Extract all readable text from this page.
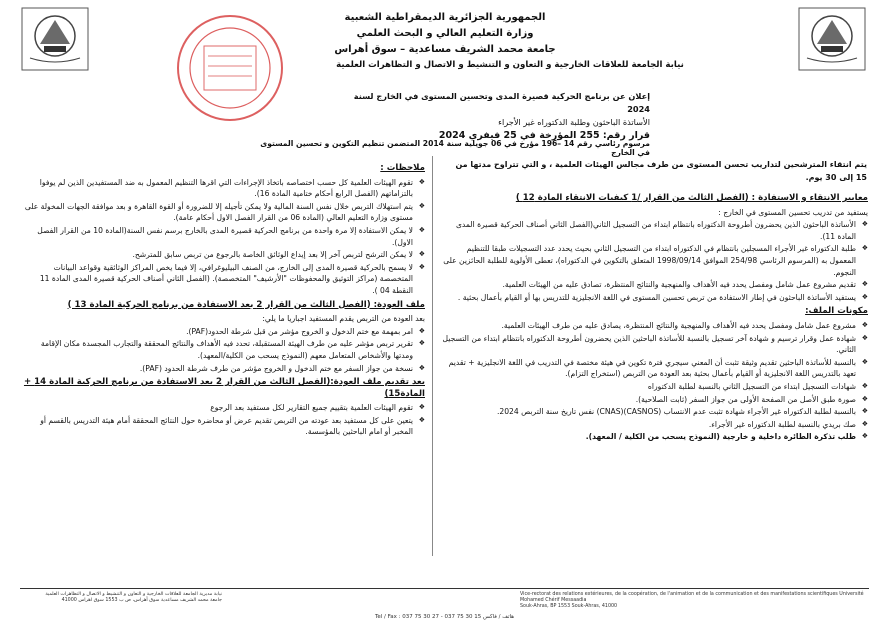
الجمهورية الجزائرية الديمقراطية الشعبية
وزارة التعليم العالي و البحث العلمي
جامعة محمد الشريف مساعدية – سوق أهراس
نيابة الجامعة للعلاقات الخارجية و التعاون و التنشيط و الاتصال و التظاهرات العلمية
إعلان عن برنامج الحركية قصيرة المدى وتحسين المستوى في الخارج لسنة 2024
الأساتذة الباحثون وطلبة الدكتوراه غير الأجراء
قرار رقم: 255 المؤرخة في 25 فيفري 2024
مرسوم رئاسي رقم 14 –196 مؤرخ في 06 جويلية سنة 2014 المتضمن تنظيم التكوين و تحسين المستوى في الخارج
يتم انتقاء المترشحين لتداريب تحسن المستوى من طرف مجالس الهيئات العلمية ، و التي تتراوح مدتها من 15 إلى 30 يوم.
معايير الانتقاء و الاستفادة : (الفصل الثالث من القرار /1 كيفيات الانتقاء المادة 12 )

يستفيد من تدريب تحسين المستوى في الخارج :

❖ الأساتذة الباحثون الذين يحضرون أطروحة الدكتوراه بانتظام ابتداء من التسجيل الثاني(الفصل الثاني أصناف الحركية قصيرة المدى المادة 11).

❖ طلبة الدكتوراه غير الأجراء المسجلين بانتظام في الدكتوراه ابتداء من التسجيل الثاني بحيث يحدد عدد التسجيلات طبقا للتنظيم المعمول به (المرسوم الرئاسي 254/98 الموافق 1998/09/14 المتعلق بالتكوين في الدكتوراه)، تعطى الأولوية للطلبة الحائزين على النجوم.

❖ تقديم مشروع عمل شامل ومفصل يحدد فيه الأهداف والمنهجية والنتائج المنتظرة، تصادق عليه من الهيئات العلمية.

❖ يستفيد الأساتذة الباحثون في إطار الاستفادة من تربص تحسين المستوى في اللغة الانجليزية للتدريس بها أو القيام بأعمال بحثية .

مكونات الملف:

❖ مشروع عمل شامل ومفصل يحدد فيه الأهداف والمنهجية والنتائج المنتظرة، يصادق عليه من طرف الهيئات العلمية.

❖ شهادة عمل وقرار ترسيم و شهادة آخر تسجيل بالنسبة للأساتذة الباحثين الذين يحضرون أطروحة الدكتوراه بانتظام ابتداء من التسجيل الثاني.

❖ بالنسبة للأساتذة الباحثين تقديم وثيقة تثبت أن المعني سيجري فترة تكوين في هيئة مختصة في التدريب في اللغة الانجليزية + تقديم تعهد بالتدريس اللغة الانجليزية أو القيام بأعمال بحثية بعد العودة من التربص (استخراج التزام).

❖ شهادات التسجيل ابتداء من التسجيل الثاني بالنسبة لطلبة الدكتوراه

❖ صورة طبق الأصل من الصفحة الأولى من جواز السفر (ثابت الصلاحية).

❖ بالنسبة لطلبة الدكتوراه غير الأجراء شهادة تثبت عدم الانتساب (CASNOS)(CNAS) نفس تاريخ سنة التربص 2024.

❖ صك بريدي بالنسبة لطلبة الدكتوراه غير الأجراء.

❖ طلب تذكرة الطائرة داخلية و خارجية (النموذج يسحب من الكلية / المعهد).

ملاحظات :

❖ تقوم الهيئات العلمية كل حسب اختصاصه باتخاذ الإجراءات التي اقرها التنظيم المعمول به ضد المستفيدين الذين لم يوفوا بالتزاماتهم (الفصل الرابع أحكام ختامية المادة 16).

❖ يتم استهلاك التربص خلال نفس السنة المالية ولا يمكن تأجيله إلا للضرورة أو القوة القاهرة و بعد موافقة الجهات المخولة على مستوى وزارة التعليم العالي (المادة 06 من القرار الفصل الاول أحكام عامة).

❖ لا يمكن الاستفادة إلا مرة واحدة من برنامج الحركية قصيرة المدى بالخارج برسم نفس السنة(المادة 10 من القرار الفصل الاول).

❖ لا يمكن الترشح لتربص آخر إلا بعد إيداع الوثائق الخاصة بالرجوع من تربص سابق للمترشح.

❖ لا يسمح بالحركية قصيرة المدى إلى الخارج، من الصنف البيليوغرافي، إلا فيما يخص المراكز الوثائقية وقواعد البيانات المتخصصة (مراكز التوثيق والمحفوظات "الأرشيف" المتخصصة). (الفصل الثاني أصناف الحركية قصيرة المدى المادة 11 النقطة 04 ).

ملف العودة: (الفصل الثالث من القرار 2 بعد الاستفادة من برنامج الحركية المادة 13 )

بعد العودة من التربص يقدم المستفيد اجباريا ما يلي:

❖ امر بمهمة مع ختم الدخول و الخروج مؤشر من قبل شرطة الحدود(PAF).

❖ تقرير تربص مؤشر عليه من طرف الهيئة المستقبلة، تحدد فيه الأهداف والنتائج المحققة والتجارب المجسدة مكان الإقامة ومدتها والأشخاص المتعامل معهم (النموذج يسحب من الكلية/المعهد).

❖ نسخة من جواز السفر مع ختم الدخول و الخروج مؤشر من طرف شرطة الحدود (PAF).

بعد تقديم ملف العودة:(الفصل الثالث من القرار 2 بعد الاستفادة من برنامج الحركية المادة 14 + المادة15)

❖ تقوم الهيئات العلمية بتقييم جميع التقارير لكل مستفيد بعد الرجوع

❖ يتعين على كل مستفيد بعد عودته من التربص تقديم عرض أو محاضرة حول النتائج المحققة أمام هيئة التدريس بالقسم أو المخبر أو امام الباحثين بالمؤسسة.

نيابة مديرية الجامعة للعلاقات الخارجية و التعاون و التنشيط و الاتصال و التظاهرات العلمية
جامعة محمد الشريف مساعدية سوق أهراس، ص ب 1553 سوق اهراس 41000
Vice-rectorat des relations extérieures, de la coopération, de l'animation et de la communication et des manifestations scientifiques Université Mohamed Chérif Messaadia
Souk-Ahras, BP 1553 Souk-Ahras, 41000
Tel / Fax : 037 75 30 27 - 037 75 30 15 هاتف / فاكس
